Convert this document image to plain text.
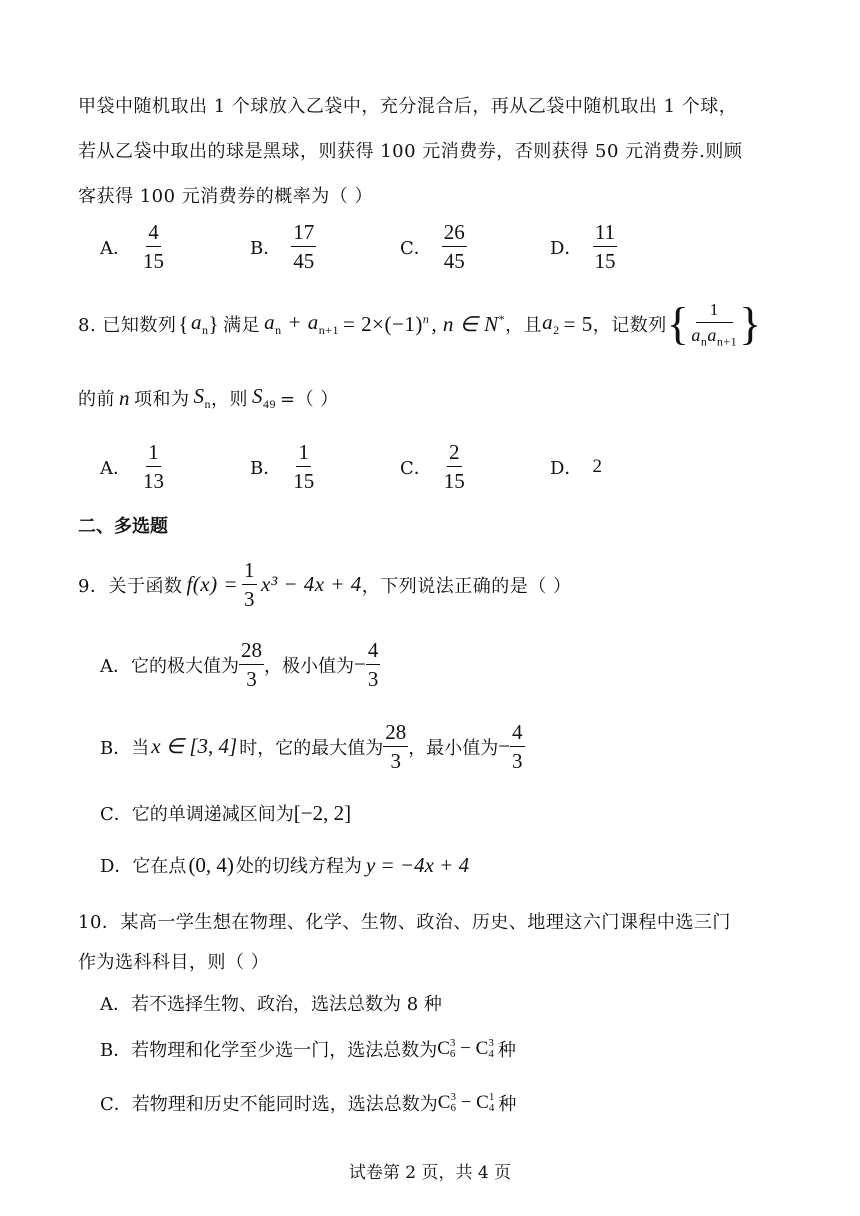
甲袋中随机取出 1 个球放入乙袋中，充分混合后，再从乙袋中随机取出 1 个球，
若从乙袋中取出的球是黑球，则获得 100 元消费券，否则获得 50 元消费券.则顾
客获得 100 元消费券的概率为（ ）
A． $\frac{4}{15}$	B． $\frac{17}{45}$	C． $\frac{26}{45}$	D． $\frac{11}{15}$
8. 已知数列 { $a_n$ } 满足 $a_n + a_{n+1} = 2\times(-1)^n$ , n ∈ N* ，且 $a_2 = 5$ ，记数列 { $\frac{1}{a_na_{n+1}}$ }
的前 n 项和为 $S_n$ ，则 $S_{49}$ =（ ）
A． $\frac{1}{13}$	B． $\frac{1}{15}$	C． $\frac{2}{15}$	D． 2
二、多选题
9．关于函数 $f(x) = \frac{1}{3} x^3 - 4x + 4$ ，下列说法正确的是（ ）
A．它的极大值为 $\frac{28}{3}$ ，极小值为 − $\frac{4}{3}$
B．当 x ∈ [3, 4] 时，它的最大值为 $\frac{28}{3}$ ，最小值为 − $\frac{4}{3}$
C．它的单调递减区间为 [−2, 2]
D．它在点 (0, 4) 处的切线方程为 y = −4x + 4
10．某高一学生想在物理、化学、生物、政治、历史、地理这六门课程中选三门
作为选科科目，则（ ）
A．若不选择生物、政治，选法总数为 8 种
B．若物理和化学至少选一门，选法总数为 C 3
6 − C 3
4 种
C．若物理和历史不能同时选，选法总数为 C 3
6 − C 1
4 种
试卷第 2 页，共 4 页
